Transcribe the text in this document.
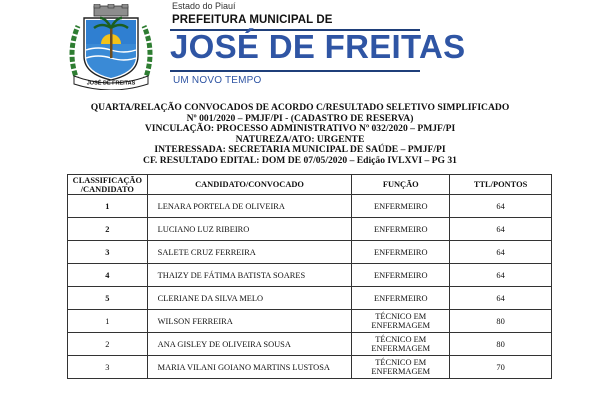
JOSÉ DE FREITAS
Estado do Piauí
PREFEITURA MUNICIPAL DE
JOSÉ DE FREITAS
UM NOVO TEMPO
QUARTA/RELAÇÃO CONVOCADOS DE ACORDO C/RESULTADO SELETIVO SIMPLIFICADO
Nº 001/2020 – PMJF/PI - (CADASTRO DE RESERVA)
VINCULAÇÃO: PROCESSO ADMINISTRATIVO Nº 032/2020 – PMJF/PI
NATUREZA/ATO: URGENTE
INTERESSADA: SECRETARIA MUNICIPAL DE SAÚDE – PMJF/PI
CF. RESULTADO EDITAL: DOM DE 07/05/2020 – Edição IVLXVI – PG 31
CLASSIFICAÇÃO /CANDIDATO	CANDIDATO/CONVOCADO	FUNÇÃO	TTL/PONTOS
1	LENARA PORTELA DE OLIVEIRA	ENFERMEIRO	64
2	LUCIANO LUZ RIBEIRO	ENFERMEIRO	64
3	SALETE CRUZ FERREIRA	ENFERMEIRO	64
4	THAIZY DE FÁTIMA BATISTA SOARES	ENFERMEIRO	64
5	CLERIANE DA SILVA MELO	ENFERMEIRO	64
1	WILSON FERREIRA	TÉCNICO EM ENFERMAGEM	80
2	ANA GISLEY DE OLIVEIRA SOUSA	TÉCNICO EM ENFERMAGEM	80
3	MARIA VILANI GOIANO MARTINS LUSTOSA	TÉCNICO EM ENFERMAGEM	70
